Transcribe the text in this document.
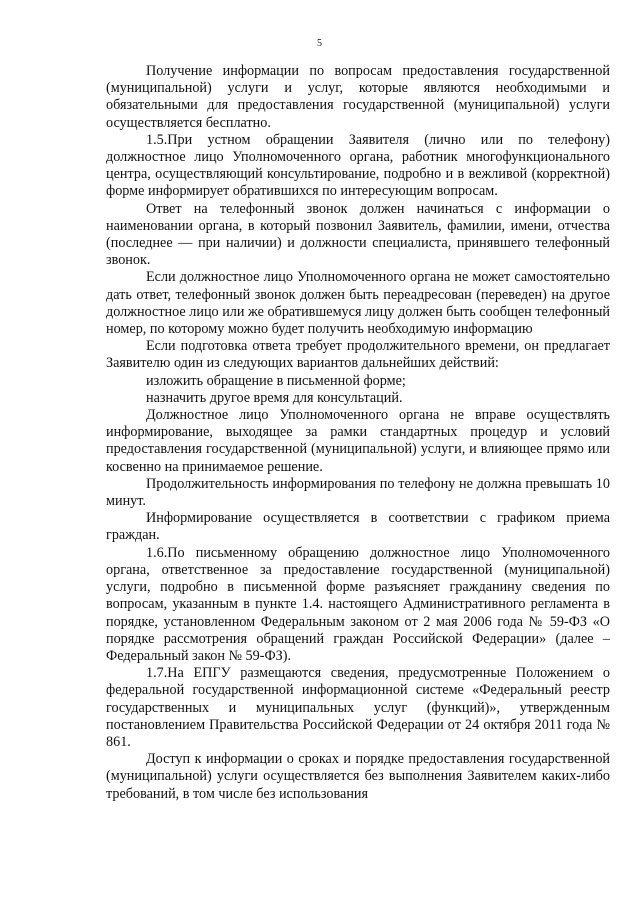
5

Получение информации по вопросам предоставления государственной (муниципальной) услуги и услуг, которые являются необходимыми и обязательными для предоставления государственной (муниципальной) услуги осуществляется бесплатно.

1.5.При устном обращении Заявителя (лично или по телефону) должностное лицо Уполномоченного органа, работник многофункционального центра, осуществляющий консультирование, подробно и в вежливой (корректной) форме информирует обратившихся по интересующим вопросам.

Ответ на телефонный звонок должен начинаться с информации о наименовании органа, в который позвонил Заявитель, фамилии, имени, отчества (последнее — при наличии) и должности специалиста, принявшего телефонный звонок.

Если должностное лицо Уполномоченного органа не может самостоятельно дать ответ, телефонный звонок должен быть переадресован (переведен) на другое должностное лицо или же обратившемуся лицу должен быть сообщен телефонный номер, по которому можно будет получить необходимую информацию

Если подготовка ответа требует продолжительного времени, он предлагает Заявителю один из следующих вариантов дальнейших действий:

изложить обращение в письменной форме;

назначить другое время для консультаций.

Должностное лицо Уполномоченного органа не вправе осуществлять информирование, выходящее за рамки стандартных процедур и условий предоставления государственной (муниципальной) услуги, и влияющее прямо или косвенно на принимаемое решение.

Продолжительность информирования по телефону не должна превышать 10 минут.

Информирование осуществляется в соответствии с графиком приема граждан.

1.6.По письменному обращению должностное лицо Уполномоченного органа, ответственное за предоставление государственной (муниципальной) услуги, подробно в письменной форме разъясняет гражданину сведения по вопросам, указанным в пункте 1.4. настоящего Административного регламента в порядке, установленном Федеральным законом от 2 мая 2006 года № 59-ФЗ «О порядке рассмотрения обращений граждан Российской Федерации» (далее – Федеральный закон № 59-ФЗ).

1.7.На ЕПГУ размещаются сведения, предусмотренные Положением о федеральной государственной информационной системе «Федеральный реестр государственных и муниципальных услуг (функций)», утвержденным постановлением Правительства Российской Федерации от 24 октября 2011 года № 861.

Доступ к информации о сроках и порядке предоставления государственной (муниципальной) услуги осуществляется без выполнения Заявителем каких-либо требований, в том числе без использования
